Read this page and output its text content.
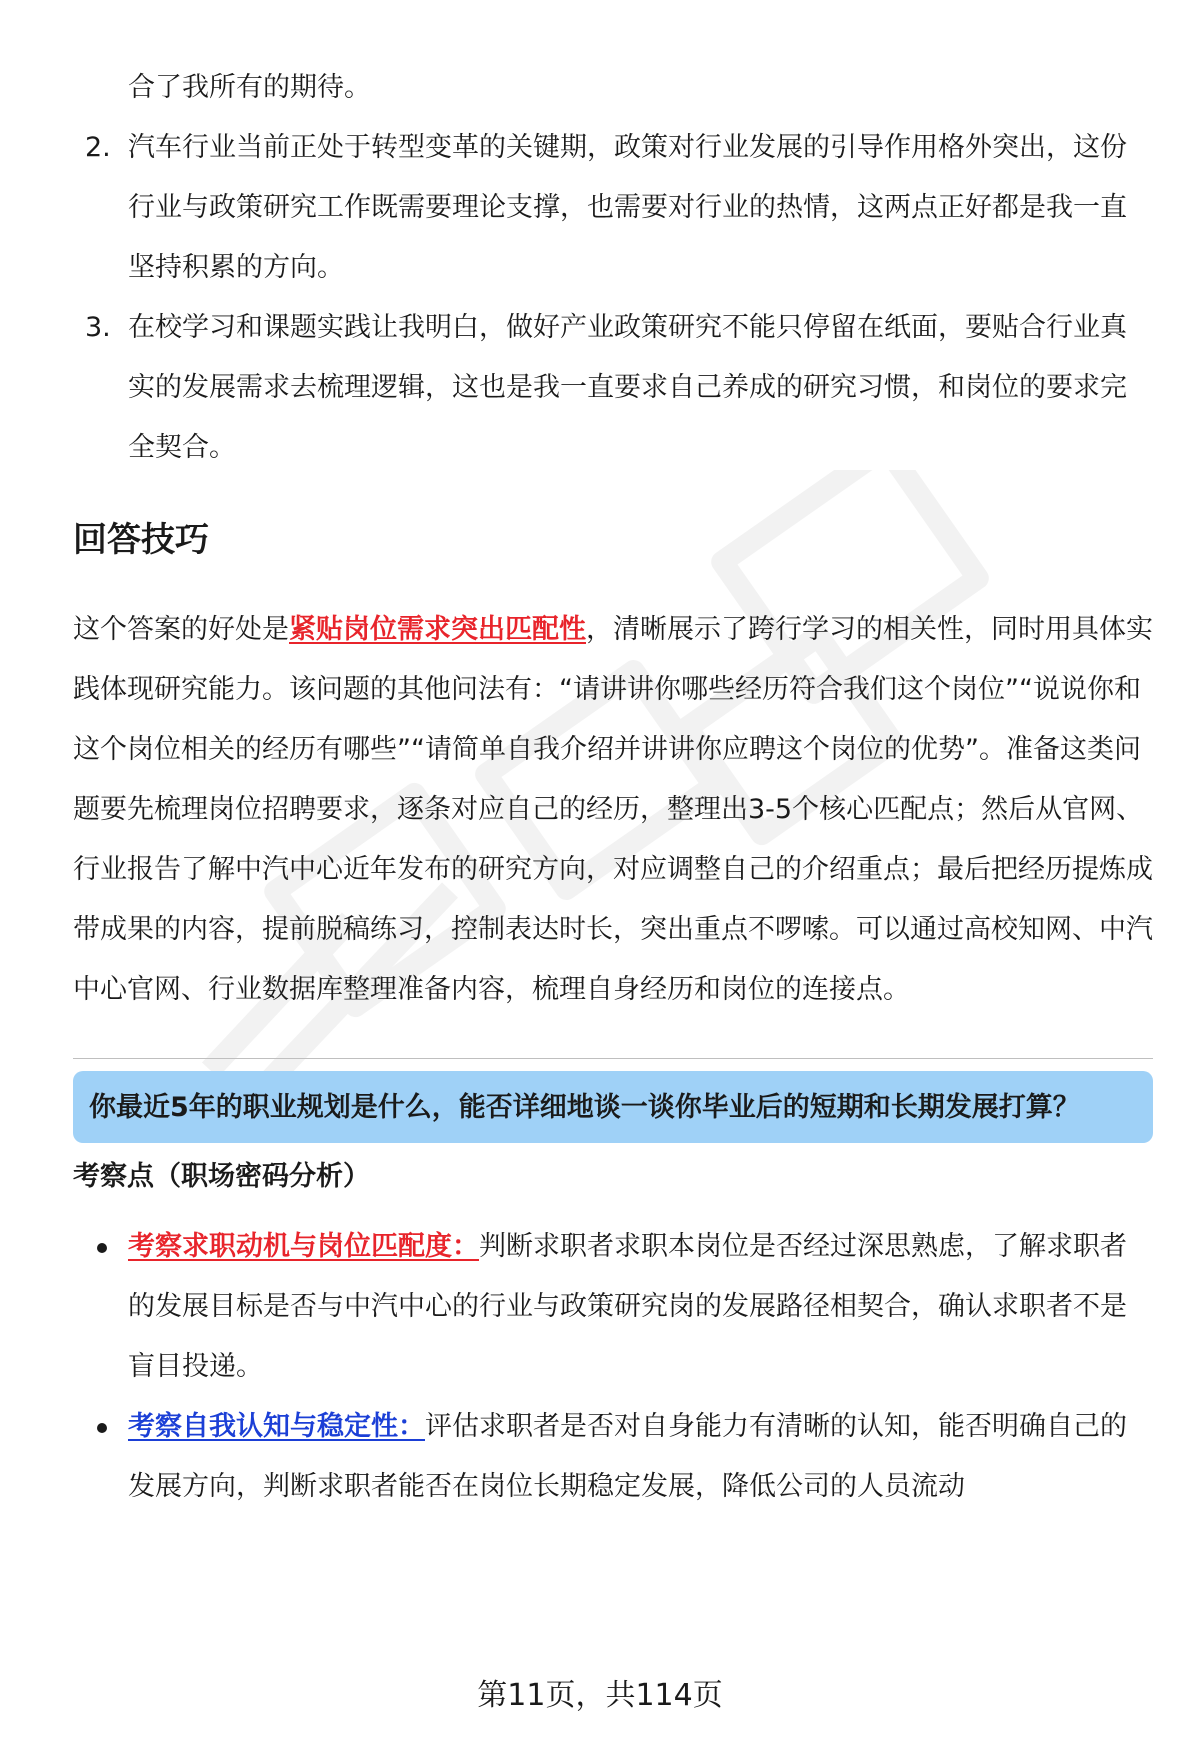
合了我所有的期待。

2. 汽车行业当前正处于转型变革的关键期，政策对行业发展的引导作用格外突出，这份行业与政策研究工作既需要理论支撑，也需要对行业的热情，这两点正好都是我一直坚持积累的方向。
3. 在校学习和课题实践让我明白，做好产业政策研究不能只停留在纸面，要贴合行业真实的发展需求去梳理逻辑，这也是我一直要求自己养成的研究习惯，和岗位的要求完全契合。
回答技巧

这个答案的好处是紧贴岗位需求突出匹配性，清晰展示了跨行学习的相关性，同时用具体实践体现研究能力。该问题的其他问法有：“请讲讲你哪些经历符合我们这个岗位”“说说你和这个岗位相关的经历有哪些”“请简单自我介绍并讲讲你应聘这个岗位的优势”。准备这类问题要先梳理岗位招聘要求，逐条对应自己的经历，整理出3-5个核心匹配点；然后从官网、行业报告了解中汽中心近年发布的研究方向，对应调整自己的介绍重点；最后把经历提炼成带成果的内容，提前脱稿练习，控制表达时长，突出重点不啰嗦。可以通过高校知网、中汽中心官网、行业数据库整理准备内容，梳理自身经历和岗位的连接点。

你最近5年的职业规划是什么，能否详细地谈一谈你毕业后的短期和长期发展打算？
考察点（职场密码分析）
考察求职动机与岗位匹配度：判断求职者求职本岗位是否经过深思熟虑，了解求职者的发展目标是否与中汽中心的行业与政策研究岗的发展路径相契合，确认求职者不是盲目投递。
考察自我认知与稳定性：评估求职者是否对自身能力有清晰的认知，能否明确自己的发展方向，判断求职者能否在岗位长期稳定发展，降低公司的人员流动
第11页，共114页
